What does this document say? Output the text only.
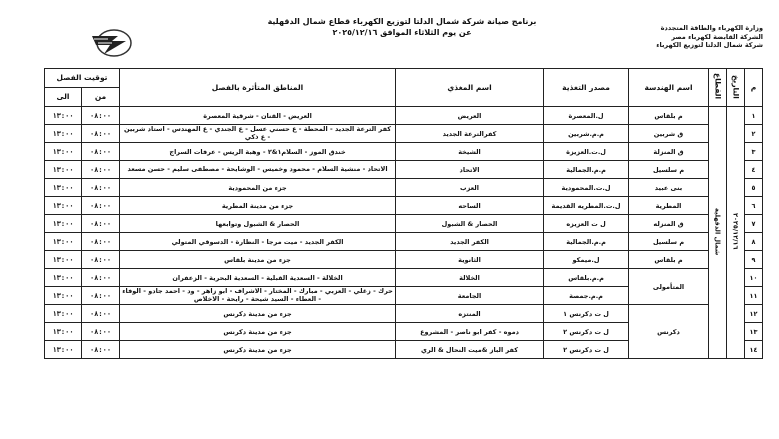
وزارة الكهرباء والطاقة المتجددة
الشركة القابضة لكهرباء مصر
شركة شمال الدلتا لتوزيع الكهرباء
برنامج صيانة شركة شمال الدلتا لتوزيع الكهرباء قطاع شمال الدقهلية
عن يوم الثلاثاء الموافق ٢٠٢٥/١٢/١٦
م	التاريخ	القطاع	اسم الهندسة	مصدر التغذية	اسم المغذي	المناطق المتأثرة بالفصل	توقيت الفصل	
							من	الى
١	٢٠٢٥/١٢/١٦	شمال الدقهلية	م بلقاس	ل.المعصرة	العريض	العريض - القنان - شرقية المعصرة	٠٨:٠٠	١٣:٠٠
٢			ق شربين	م.م.شربين	كفرالترعة الجديد	كفر الترعة الجديد - المحطة - ع حسني عسل - ع الجندي - ع المهندس - استاد شربين - ع ذكي	٠٨:٠٠	١٣:٠٠
٣			ق المنزلة	ل.ت.العزيزة	الشيخة	خندق الموز - السلام١&٢ - وهبة الريس - عرفات السراج	٠٨:٠٠	١٣:٠٠
٤			م سلسيل	م.م.الجمالية	الاتحاد	الاتحاد - منشية السلام - محمود وخميس - الوشايحة - مصطفى سليم - حسن مسعد	٠٨:٠٠	١٣:٠٠
٥			بنى عبيد	ل.ت.المحمودية	العزب	جزء من المحمودية	٠٨:٠٠	١٣:٠٠
٦			المطرية	ل.ت.المطريه القديمة	الساحه	جزء من مدينة المطرية	٠٨:٠٠	١٣:٠٠
٧			ق المنزله	ل ت العزيزه	الحصار & الشبول	الحصار & الشبول وتوابعها	٠٨:٠٠	١٣:٠٠
٨			م سلسيل	م.م.الجمالية	الكفر الجديد	الكفر الجديد - ميت مرجا - النظارة - الدسوقي المتولي	٠٨:٠٠	١٣:٠٠
٩			م بلقاس	ل.ميمكو	الثانوية	جزء من مدينة بلقاس	٠٨:٠٠	١٣:٠٠
١٠			المتأمولى	م.م.بلقاس	الخلالة	الخلالة - السعدية القبلية - السعدية البحرية - الزعفران	٠٨:٠٠	١٣:٠٠
١١				م.م.جمصة	الجامعة	حرك - زغلي - العزبي - مبارك - المختار - الاشراف - ابو زاهر - ود - احمد جادو - الوفاء - العطاء - السيد شيحة - رايحة - الاخلاص	٠٨:٠٠	١٣:٠٠
١٢			دكرنس	ل ت دكرنس ١	المنتزه	جزء من مدينة دكرنس	٠٨:٠٠	١٣:٠٠
١٣				ل ت دكرنس ٢	دموه - كفر ابو ناصر - المشروع	جزء من مدينة دكرنس	٠٨:٠٠	١٣:٠٠
١٤				ل ت دكرنس ٢	كفر الباز &ميت النحال & الري	جزء من مدينة دكرنس	٠٨:٠٠	١٣:٠٠
